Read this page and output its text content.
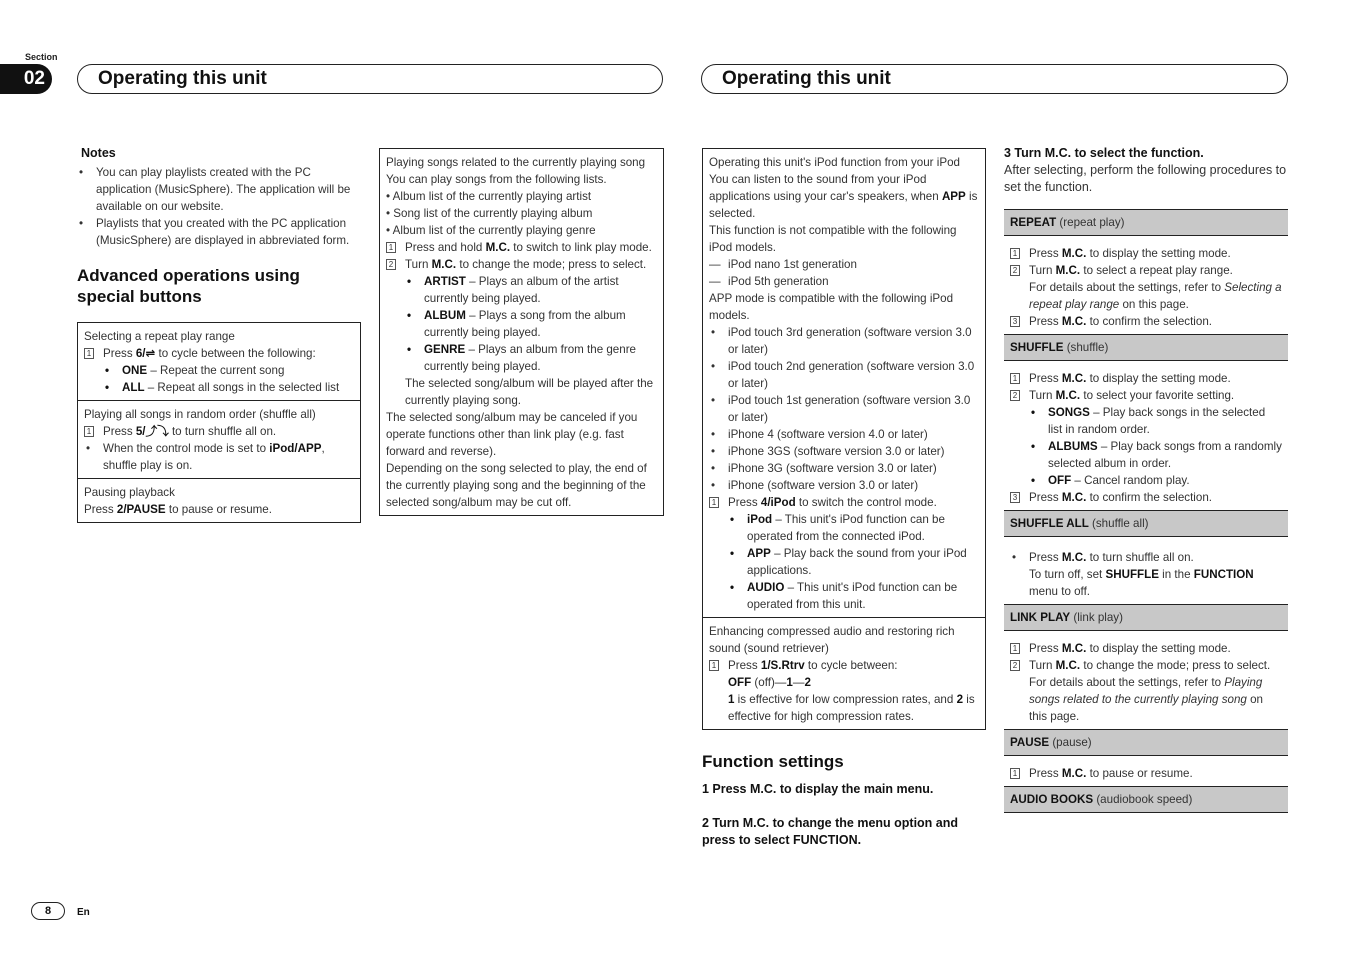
Section
02	Operating this unit	Operating this unit
Notes
• You can play playlists created with the PC application (MusicSphere). The application will be available on our website.
• Playlists that you created with the PC application (MusicSphere) are displayed in abbreviated form.
Advanced operations using special buttons
Selecting a repeat play range
1 Press 6/⇌ to cycle between the following:
• ONE – Repeat the current song
• ALL – Repeat all songs in the selected list
Playing all songs in random order (shuffle all)
1 Press 5/⤴⤵ to turn shuffle all on.
• When the control mode is set to iPod/APP, shuffle play is on.
Pausing playback
Press 2/PAUSE to pause or resume.
Playing songs related to the currently playing song
You can play songs from the following lists.
• Album list of the currently playing artist
• Song list of the currently playing album
• Album list of the currently playing genre
1 Press and hold M.C. to switch to link play mode.
2 Turn M.C. to change the mode; press to select.
• ARTIST – Plays an album of the artist currently being played.
• ALBUM – Plays a song from the album currently being played.
• GENRE – Plays an album from the genre currently being played.
The selected song/album will be played after the currently playing song.
The selected song/album may be canceled if you operate functions other than link play (e.g. fast forward and reverse).
Depending on the song selected to play, the end of the currently playing song and the beginning of the selected song/album may be cut off.
Operating this unit's iPod function from your iPod
You can listen to the sound from your iPod applications using your car's speakers, when APP is selected.
This function is not compatible with the following iPod models.
— iPod nano 1st generation
— iPod 5th generation
APP mode is compatible with the following iPod models.
• iPod touch 3rd generation (software version 3.0 or later)
• iPod touch 2nd generation (software version 3.0 or later)
• iPod touch 1st generation (software version 3.0 or later)
• iPhone 4 (software version 4.0 or later)
• iPhone 3GS (software version 3.0 or later)
• iPhone 3G (software version 3.0 or later)
• iPhone (software version 3.0 or later)
1 Press 4/iPod to switch the control mode.
• iPod – This unit's iPod function can be operated from the connected iPod.
• APP – Play back the sound from your iPod applications.
• AUDIO – This unit's iPod function can be operated from this unit.
Enhancing compressed audio and restoring rich sound (sound retriever)
1 Press 1/S.Rtrv to cycle between:
OFF (off)—1—2
1 is effective for low compression rates, and 2 is effective for high compression rates.
Function settings
1 Press M.C. to display the main menu.
2 Turn M.C. to change the menu option and press to select FUNCTION.
3 Turn M.C. to select the function.
After selecting, perform the following procedures to set the function.
REPEAT (repeat play)
1 Press M.C. to display the setting mode.
2 Turn M.C. to select a repeat play range.
For details about the settings, refer to Selecting a repeat play range on this page.
3 Press M.C. to confirm the selection.
SHUFFLE (shuffle)
1 Press M.C. to display the setting mode.
2 Turn M.C. to select your favorite setting.
• SONGS – Play back songs in the selected list in random order.
• ALBUMS – Play back songs from a randomly selected album in order.
• OFF – Cancel random play.
3 Press M.C. to confirm the selection.
SHUFFLE ALL (shuffle all)
• Press M.C. to turn shuffle all on.
To turn off, set SHUFFLE in the FUNCTION menu to off.
LINK PLAY (link play)
1 Press M.C. to display the setting mode.
2 Turn M.C. to change the mode; press to select.
For details about the settings, refer to Playing songs related to the currently playing song on this page.
PAUSE (pause)
1 Press M.C. to pause or resume.
AUDIO BOOKS (audiobook speed)
8	En
